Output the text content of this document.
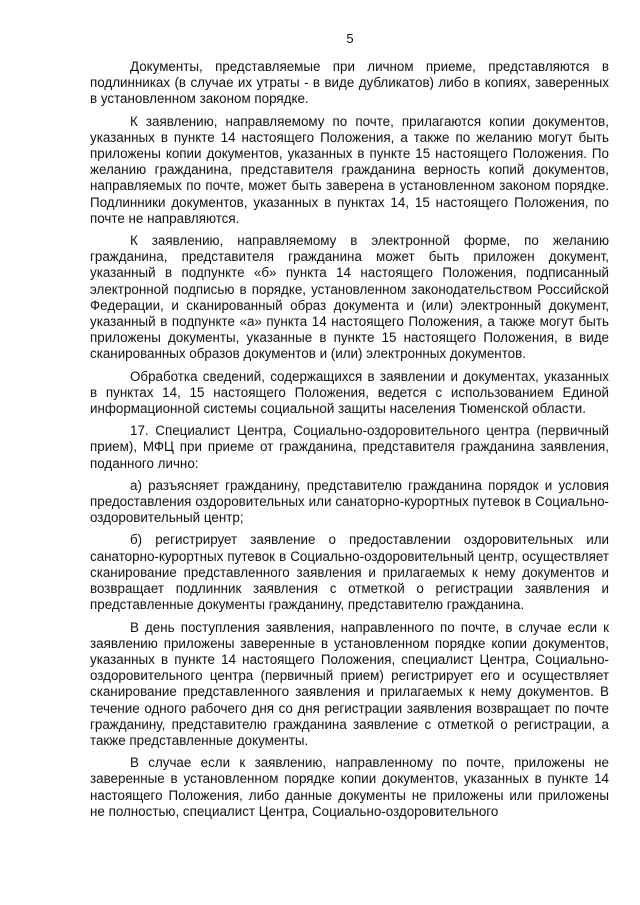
5

Документы, представляемые при личном приеме, представляются в подлинниках (в случае их утраты - в виде дубликатов) либо в копиях, заверенных в установленном законом порядке.

К заявлению, направляемому по почте, прилагаются копии документов, указанных в пункте 14 настоящего Положения, а также по желанию могут быть приложены копии документов, указанных в пункте 15 настоящего Положения. По желанию гражданина, представителя гражданина верность копий документов, направляемых по почте, может быть заверена в установленном законом порядке. Подлинники документов, указанных в пунктах 14, 15 настоящего Положения, по почте не направляются.

К заявлению, направляемому в электронной форме, по желанию гражданина, представителя гражданина может быть приложен документ, указанный в подпункте «б» пункта 14 настоящего Положения, подписанный электронной подписью в порядке, установленном законодательством Российской Федерации, и сканированный образ документа и (или) электронный документ, указанный в подпункте «а» пункта 14 настоящего Положения, а также могут быть приложены документы, указанные в пункте 15 настоящего Положения, в виде сканированных образов документов и (или) электронных документов.

Обработка сведений, содержащихся в заявлении и документах, указанных в пунктах 14, 15 настоящего Положения, ведется с использованием Единой информационной системы социальной защиты населения Тюменской области.

17. Специалист Центра, Социально-оздоровительного центра (первичный прием), МФЦ при приеме от гражданина, представителя гражданина заявления, поданного лично:

а) разъясняет гражданину, представителю гражданина порядок и условия предоставления оздоровительных или санаторно-курортных путевок в Социально-оздоровительный центр;

б) регистрирует заявление о предоставлении оздоровительных или санаторно-курортных путевок в Социально-оздоровительный центр, осуществляет сканирование представленного заявления и прилагаемых к нему документов и возвращает подлинник заявления с отметкой о регистрации заявления и представленные документы гражданину, представителю гражданина.

В день поступления заявления, направленного по почте, в случае если к заявлению приложены заверенные в установленном порядке копии документов, указанных в пункте 14 настоящего Положения, специалист Центра, Социально-оздоровительного центра (первичный прием) регистрирует его и осуществляет сканирование представленного заявления и прилагаемых к нему документов. В течение одного рабочего дня со дня регистрации заявления возвращает по почте гражданину, представителю гражданина заявление с отметкой о регистрации, а также представленные документы.

В случае если к заявлению, направленному по почте, приложены не заверенные в установленном порядке копии документов, указанных в пункте 14 настоящего Положения, либо данные документы не приложены или приложены не полностью, специалист Центра, Социально-оздоровительного
